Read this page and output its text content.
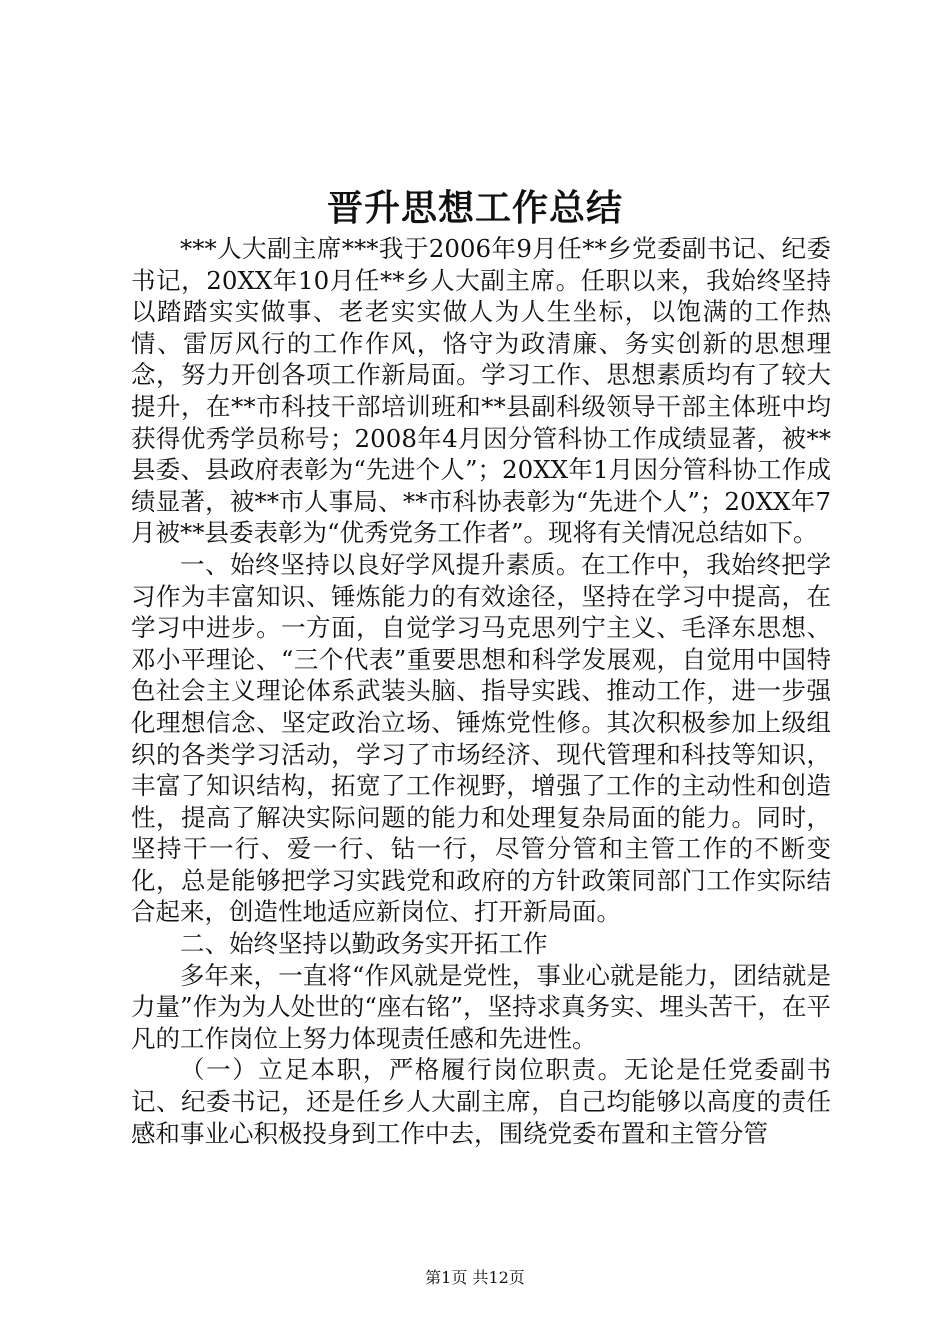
晋升思想工作总结

***人大副主席***我于2006年9月任**乡党委副书记、纪委书记，20XX年10月任**乡人大副主席。任职以来，我始终坚持以踏踏实实做事、老老实实做人为人生坐标，以饱满的工作热情、雷厉风行的工作作风，恪守为政清廉、务实创新的思想理念，努力开创各项工作新局面。学习工作、思想素质均有了较大提升，在**市科技干部培训班和**县副科级领导干部主体班中均获得优秀学员称号；2008年4月因分管科协工作成绩显著，被**县委、县政府表彰为“先进个人”；20XX年1月因分管科协工作成绩显著，被**市人事局、**市科协表彰为“先进个人”；20XX年7月被**县委表彰为“优秀党务工作者”。现将有关情况总结如下。

一、始终坚持以良好学风提升素质。在工作中，我始终把学习作为丰富知识、锤炼能力的有效途径，坚持在学习中提高，在学习中进步。一方面，自觉学习马克思列宁主义、毛泽东思想、邓小平理论、“三个代表”重要思想和科学发展观，自觉用中国特色社会主义理论体系武装头脑、指导实践、推动工作，进一步强化理想信念、坚定政治立场、锤炼党性修。其次积极参加上级组织的各类学习活动，学习了市场经济、现代管理和科技等知识，丰富了知识结构，拓宽了工作视野，增强了工作的主动性和创造性，提高了解决实际问题的能力和处理复杂局面的能力。同时，坚持干一行、爱一行、钻一行，尽管分管和主管工作的不断变化，总是能够把学习实践党和政府的方针政策同部门工作实际结合起来，创造性地适应新岗位、打开新局面。

二、始终坚持以勤政务实开拓工作

多年来，一直将“作风就是党性，事业心就是能力，团结就是力量”作为为人处世的“座右铭”，坚持求真务实、埋头苦干，在平凡的工作岗位上努力体现责任感和先进性。

（一）立足本职，严格履行岗位职责。无论是任党委副书记、纪委书记，还是任乡人大副主席，自己均能够以高度的责任感和事业心积极投身到工作中去，围绕党委布置和主管分管

第1页 共12页
